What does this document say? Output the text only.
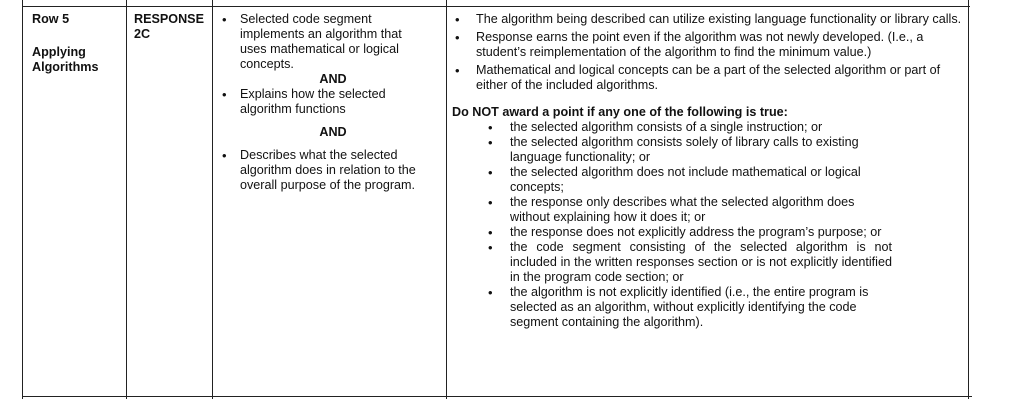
Row 5
Applying Algorithms
RESPONSE 2C
• Selected code segment implements an algorithm that uses mathematical or logical concepts.
AND
• Explains how the selected algorithm functions
AND
• Describes what the selected algorithm does in relation to the overall purpose of the program.
• The algorithm being described can utilize existing language functionality or library calls.
• Response earns the point even if the algorithm was not newly developed. (I.e., a student’s reimplementation of the algorithm to find the minimum value.)
• Mathematical and logical concepts can be a part of the selected algorithm or part of either of the included algorithms.
Do NOT award a point if any one of the following is true:
• the selected algorithm consists of a single instruction; or
• the selected algorithm consists solely of library calls to existing language functionality; or
• the selected algorithm does not include mathematical or logical concepts;
• the response only describes what the selected algorithm does without explaining how it does it; or
• the response does not explicitly address the program’s purpose; or
• the code segment consisting of the selected algorithm is not included in the written responses section or is not explicitly identified in the program code section; or
• the algorithm is not explicitly identified (i.e., the entire program is selected as an algorithm, without explicitly identifying the code segment containing the algorithm).
